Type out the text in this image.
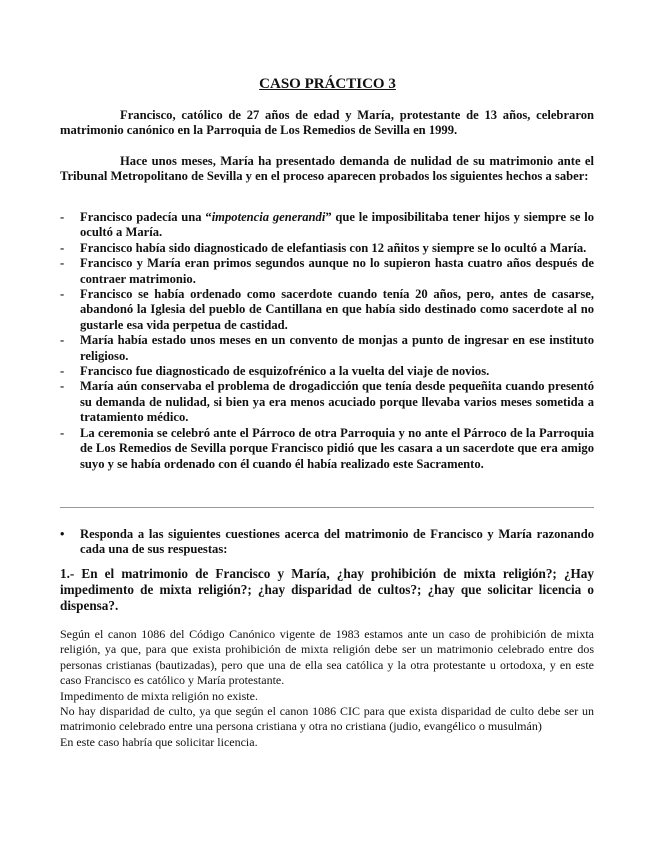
CASO PRÁCTICO 3
Francisco, católico de 27 años de edad y María, protestante de 13 años, celebraron matrimonio canónico en la Parroquia de Los Remedios de Sevilla en 1999.
Hace unos meses, María ha presentado demanda de nulidad de su matrimonio ante el Tribunal Metropolitano de Sevilla y en el proceso aparecen probados los siguientes hechos a saber:
- Francisco padecía una “impotencia generandi” que le imposibilitaba tener hijos y siempre se lo ocultó a María.
- Francisco había sido diagnosticado de elefantiasis con 12 añitos y siempre se lo ocultó a María.
- Francisco y María eran primos segundos aunque no lo supieron hasta cuatro años después de contraer matrimonio.
- Francisco se había ordenado como sacerdote cuando tenía 20 años, pero, antes de casarse, abandonó la Iglesia del pueblo de Cantillana en que había sido destinado como sacerdote al no gustarle esa vida perpetua de castidad.
- María había estado unos meses en un convento de monjas a punto de ingresar en ese instituto religioso.
- Francisco fue diagnosticado de esquizofrénico a la vuelta del viaje de novios.
- María aún conservaba el problema de drogadicción que tenía desde pequeñita cuando presentó su demanda de nulidad, si bien ya era menos acuciado porque llevaba varios meses sometida a tratamiento médico.
- La ceremonia se celebró ante el Párroco de otra Parroquia y no ante el Párroco de la Parroquia de Los Remedios de Sevilla porque Francisco pidió que les casara a un sacerdote que era amigo suyo y se había ordenado con él cuando él había realizado este Sacramento.
• Responda a las siguientes cuestiones acerca del matrimonio de Francisco y María razonando cada una de sus respuestas:
1.- En el matrimonio de Francisco y María, ¿hay prohibición de mixta religión?; ¿Hay impedimento de mixta religión?; ¿hay disparidad de cultos?; ¿hay que solicitar licencia o dispensa?.
Según el canon 1086 del Código Canónico vigente de 1983 estamos ante un caso de prohibición de mixta religión, ya que, para que exista prohibición de mixta religión debe ser un matrimonio celebrado entre dos personas cristianas (bautizadas), pero que una de ella sea católica y la otra protestante u ortodoxa, y en este caso Francisco es católico y María protestante.
Impedimento de mixta religión no existe.
No hay disparidad de culto, ya que según el canon 1086 CIC para que exista disparidad de culto debe ser un matrimonio celebrado entre una persona cristiana y otra no cristiana (judio, evangélico o musulmán)
En este caso habría que solicitar licencia.
